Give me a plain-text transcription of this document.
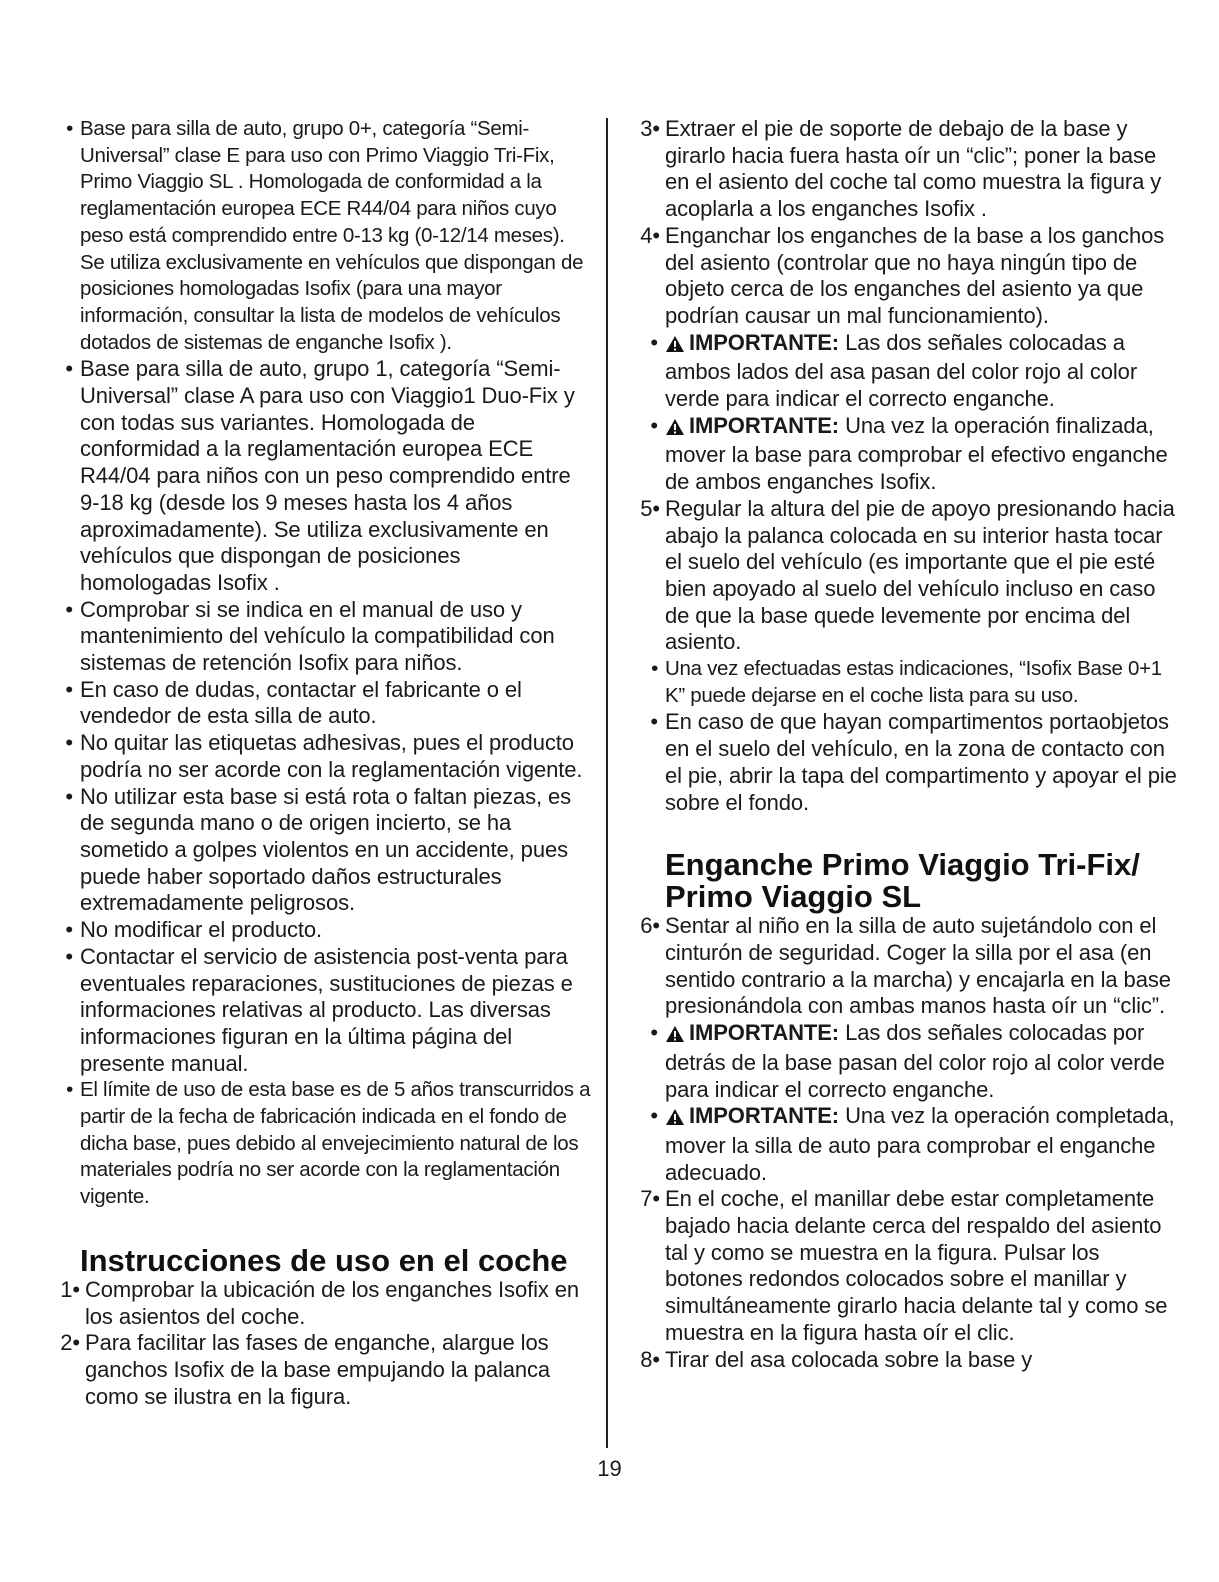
• Base para silla de auto, grupo 0+, categoría “Semi-Universal” clase E para uso con Primo Viaggio Tri-Fix, Primo Viaggio SL . Homologada de conformidad a la reglamentación europea ECE R44/04 para niños cuyo peso está comprendido entre 0-13 kg (0-12/14 meses). Se utiliza exclusivamente en vehículos que dispongan de posiciones homologadas Isofix (para una mayor información, consultar la lista de modelos de vehículos dotados de sistemas de enganche Isofix ).
• Base para silla de auto, grupo 1, categoría “Semi-Universal” clase A para uso con Viaggio1 Duo-Fix y con todas sus variantes. Homologada de conformidad a la reglamentación europea ECE R44/04 para niños con un peso comprendido entre 9-18 kg (desde los 9 meses hasta los 4 años aproximadamente). Se utiliza exclusivamente en vehículos que dispongan de posiciones homologadas Isofix .
• Comprobar si se indica en el manual de uso y mantenimiento del vehículo la compatibilidad con sistemas de retención Isofix para niños.
• En caso de dudas, contactar el fabricante o el vendedor de esta silla de auto.
• No quitar las etiquetas adhesivas, pues el producto podría no ser acorde con la reglamentación vigente.
• No utilizar esta base si está rota o faltan piezas, es de segunda mano o de origen incierto, se ha sometido a golpes violentos en un accidente, pues puede haber soportado daños estructurales extremadamente peligrosos.
• No modificar el producto.
• Contactar el servicio de asistencia post-venta para eventuales reparaciones, sustituciones de piezas e informaciones relativas al producto. Las diversas informaciones figuran en la última página del presente manual.
• El límite de uso de esta base es de 5 años transcurridos a partir de la fecha de fabricación indicada en el fondo de dicha base, pues debido al envejecimiento natural de los materiales podría no ser acorde con la reglamentación vigente.
Instrucciones de uso en el coche
1• Comprobar la ubicación de los enganches Isofix en los asientos del coche.
2• Para facilitar las fases de enganche, alargue los ganchos Isofix de la base empujando la palanca como se ilustra en la figura.
3• Extraer el pie de soporte de debajo de la base y girarlo hacia fuera hasta oír un “clic”; poner la base en el asiento del coche tal como muestra la figura y acoplarla a los enganches Isofix .
4• Enganchar los enganches de la base a los ganchos del asiento (controlar que no haya ningún tipo de objeto cerca de los enganches del asiento ya que podrían causar un mal funcionamiento).
•	IMPORTANTE: Las dos señales colocadas a ambos lados del asa pasan del color rojo al color verde para indicar el correcto enganche.
•	IMPORTANTE: Una vez la operación finalizada, mover la base para comprobar el efectivo enganche de ambos enganches Isofix.
5• Regular la altura del pie de apoyo presionando hacia abajo la palanca colocada en su interior hasta tocar el suelo del vehículo (es importante que el pie esté bien apoyado al suelo del vehículo incluso en caso de que la base quede levemente por encima del asiento.
• Una vez efectuadas estas indicaciones, “Isofix Base 0+1 K” puede dejarse en el coche lista para su uso.
• En caso de que hayan compartimentos portaobjetos en el suelo del vehículo, en la zona de contacto con el pie, abrir la tapa del compartimento y apoyar el pie sobre el fondo.
Enganche Primo Viaggio Tri-Fix/ Primo Viaggio SL
6• Sentar al niño en la silla de auto sujetándolo con el cinturón de seguridad. Coger la silla por el asa (en sentido contrario a la marcha) y encajarla en la base presionándola con ambas manos hasta oír un “clic”.
•	IMPORTANTE: Las dos señales colocadas por detrás de la base pasan del color rojo al color verde para indicar el correcto enganche.
•	IMPORTANTE: Una vez la operación completada, mover la silla de auto para comprobar el enganche adecuado.
7• En el coche, el manillar debe estar completamente bajado hacia delante cerca del respaldo del asiento tal y como se muestra en la figura. Pulsar los botones redondos colocados sobre el manillar y simultáneamente girarlo hacia delante tal y como se muestra en la figura hasta oír el clic.
8• Tirar del asa colocada sobre la base y
19
